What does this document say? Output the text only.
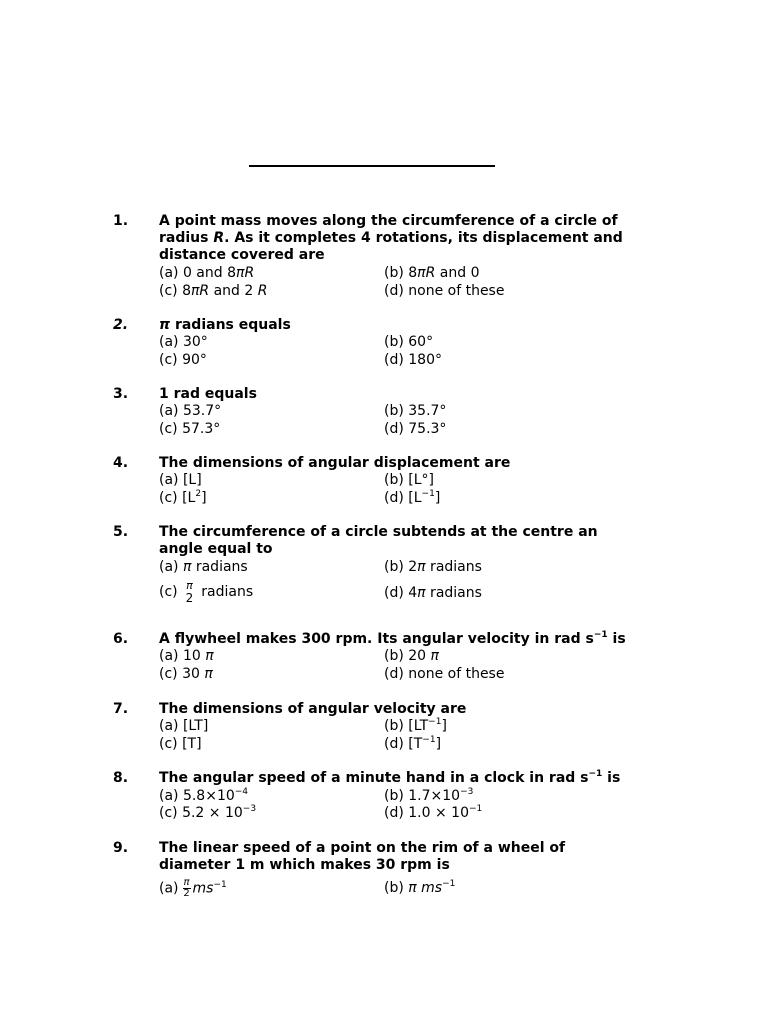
1. A point mass moves along the circumference of a circle of radius R. As it completes 4 rotations, its displacement and distance covered are
(a) 0 and 8πR	(b) 8πR and 0
(c) 8πR and 2 R	(d) none of these
2. π radians equals
(a) 30°	(b) 60°
(c) 90°	(d) 180°
3. 1 rad equals
(a) 53.7°	(b) 35.7°
(c) 57.3°	(d) 75.3°
4. The dimensions of angular displacement are
(a) [L]	(b) [L°]
(c) $[L^2]$	(d) $[L^{-1}]$
5. The circumference of a circle subtends at the centre an angle equal to
(a) π radians	(b) 2π radians
(c) π
2 radians	(d) 4π radians
6. A flywheel makes 300 rpm. Its angular velocity in rad $s^{-1}$ is
(a) 10 π	(b) 20 π
(c) 30 π	(d) none of these
7. The dimensions of angular velocity are
(a) [LT]	(b) $[LT^{-1}]$
(c) [T]	(d) $[T^{-1}]$
8. The angular speed of a minute hand in a clock in rad $s^{-1}$ is
(a) $5.8\times 10^{-4}$	(b) $1.7\times 10^{-3}$
(c) $5.2 \times 10^{-3}$	(d) $1.0 \times 10^{-1}$
9. The linear speed of a point on the rim of a wheel of diameter 1 m which makes 30 rpm is
$(a) \frac{\pi}{2} ms^{-1}$	(b) π $ms^{-1}$
